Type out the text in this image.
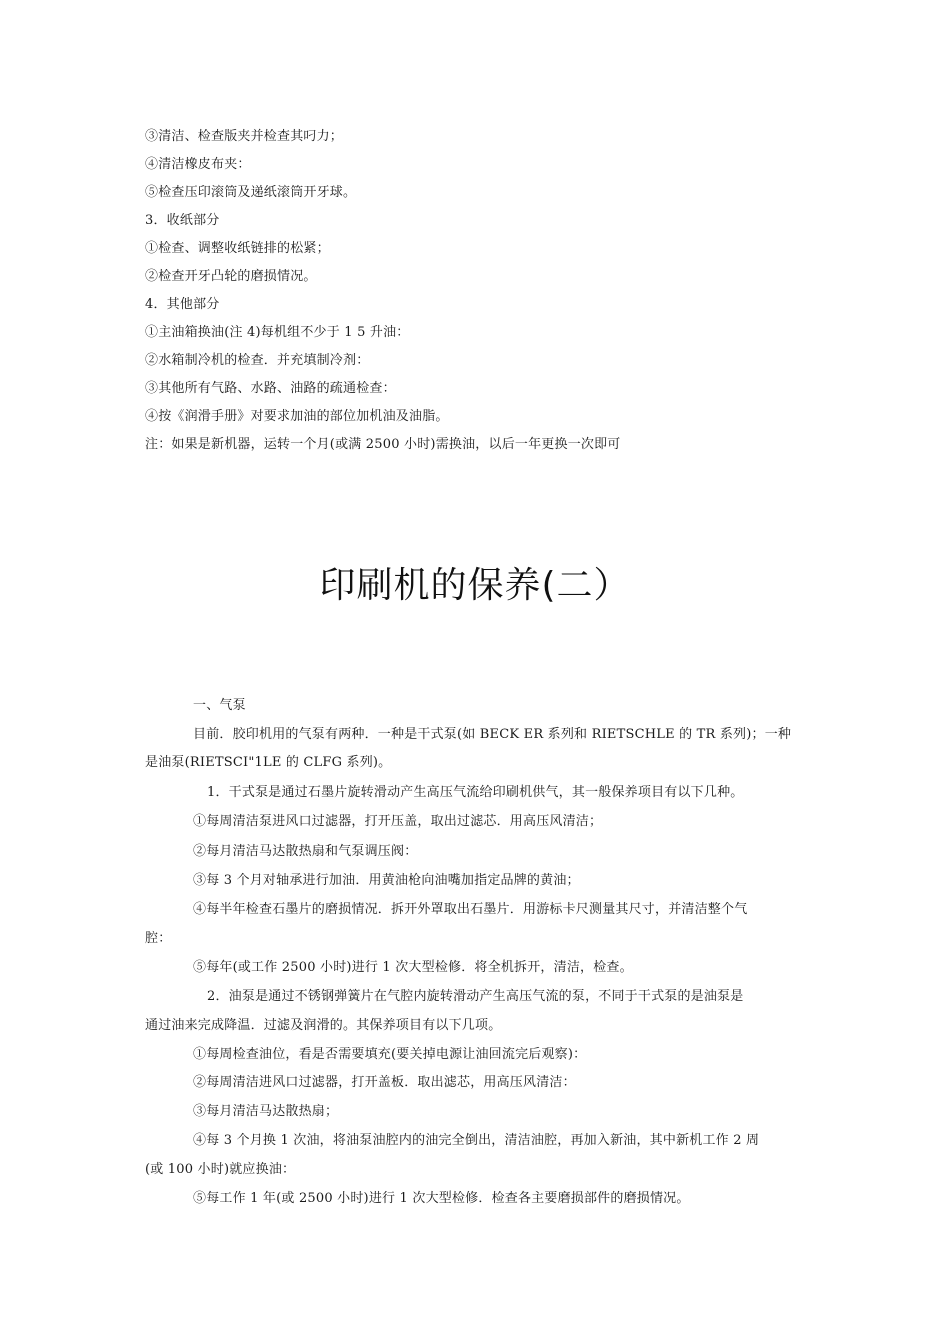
③清洁、检查版夹并检查其叼力；
④清洁橡皮布夹：
⑤检查压印滚筒及递纸滚筒开牙球。
3．收纸部分
①检查、调整收纸链排的松紧；
②检查开牙凸轮的磨损情况。
4．其他部分
①主油箱换油(注 4)每机组不少于 1 5 升油：
②水箱制冷机的检查．并充填制冷剂：
③其他所有气路、水路、油路的疏通检查：
④按《润滑手册》对要求加油的部位加机油及油脂。
注：如果是新机器，运转一个月(或满 2500 小时)需换油，以后一年更换一次即可
印刷机的保养(二）
一、气泵
目前．胶印机用的气泵有两种．一种是干式泵(如 BECK ER 系列和 RIETSCHLE 的 TR 系列)；一种
是油泵(RIETSCI"1LE 的 CLFG 系列)。
1．干式泵是通过石墨片旋转滑动产生高压气流给印刷机供气，其一般保养项目有以下几种。
①每周清洁泵进风口过滤器，打开压盖，取出过滤芯．用高压风清洁；
②每月清洁马达散热扇和气泵调压阀：
③每 3 个月对轴承进行加油．用黄油枪向油嘴加指定品牌的黄油；
④每半年检查石墨片的磨损情况．拆开外罩取出石墨片．用游标卡尺测量其尺寸，并清洁整个气
腔：
⑤每年(或工作 2500 小时)进行 1 次大型检修．将全机拆开，清洁，检查。
2．油泵是通过不锈钢弹簧片在气腔内旋转滑动产生高压气流的泵，不同于干式泵的是油泵是
通过油来完成降温．过滤及润滑的。其保养项目有以下几项。
①每周检查油位，看是否需要填充(要关掉电源让油回流完后观察)：
②每周清洁进风口过滤器，打开盖板．取出滤芯，用高压风清洁：
③每月清洁马达散热扇；
④每 3 个月换 1 次油，将油泵油腔内的油完全倒出，清洁油腔，再加入新油，其中新机工作 2 周
(或 100 小时)就应换油：
⑤每工作 1 年(或 2500 小时)进行 1 次大型检修．检查各主要磨损部件的磨损情况。
